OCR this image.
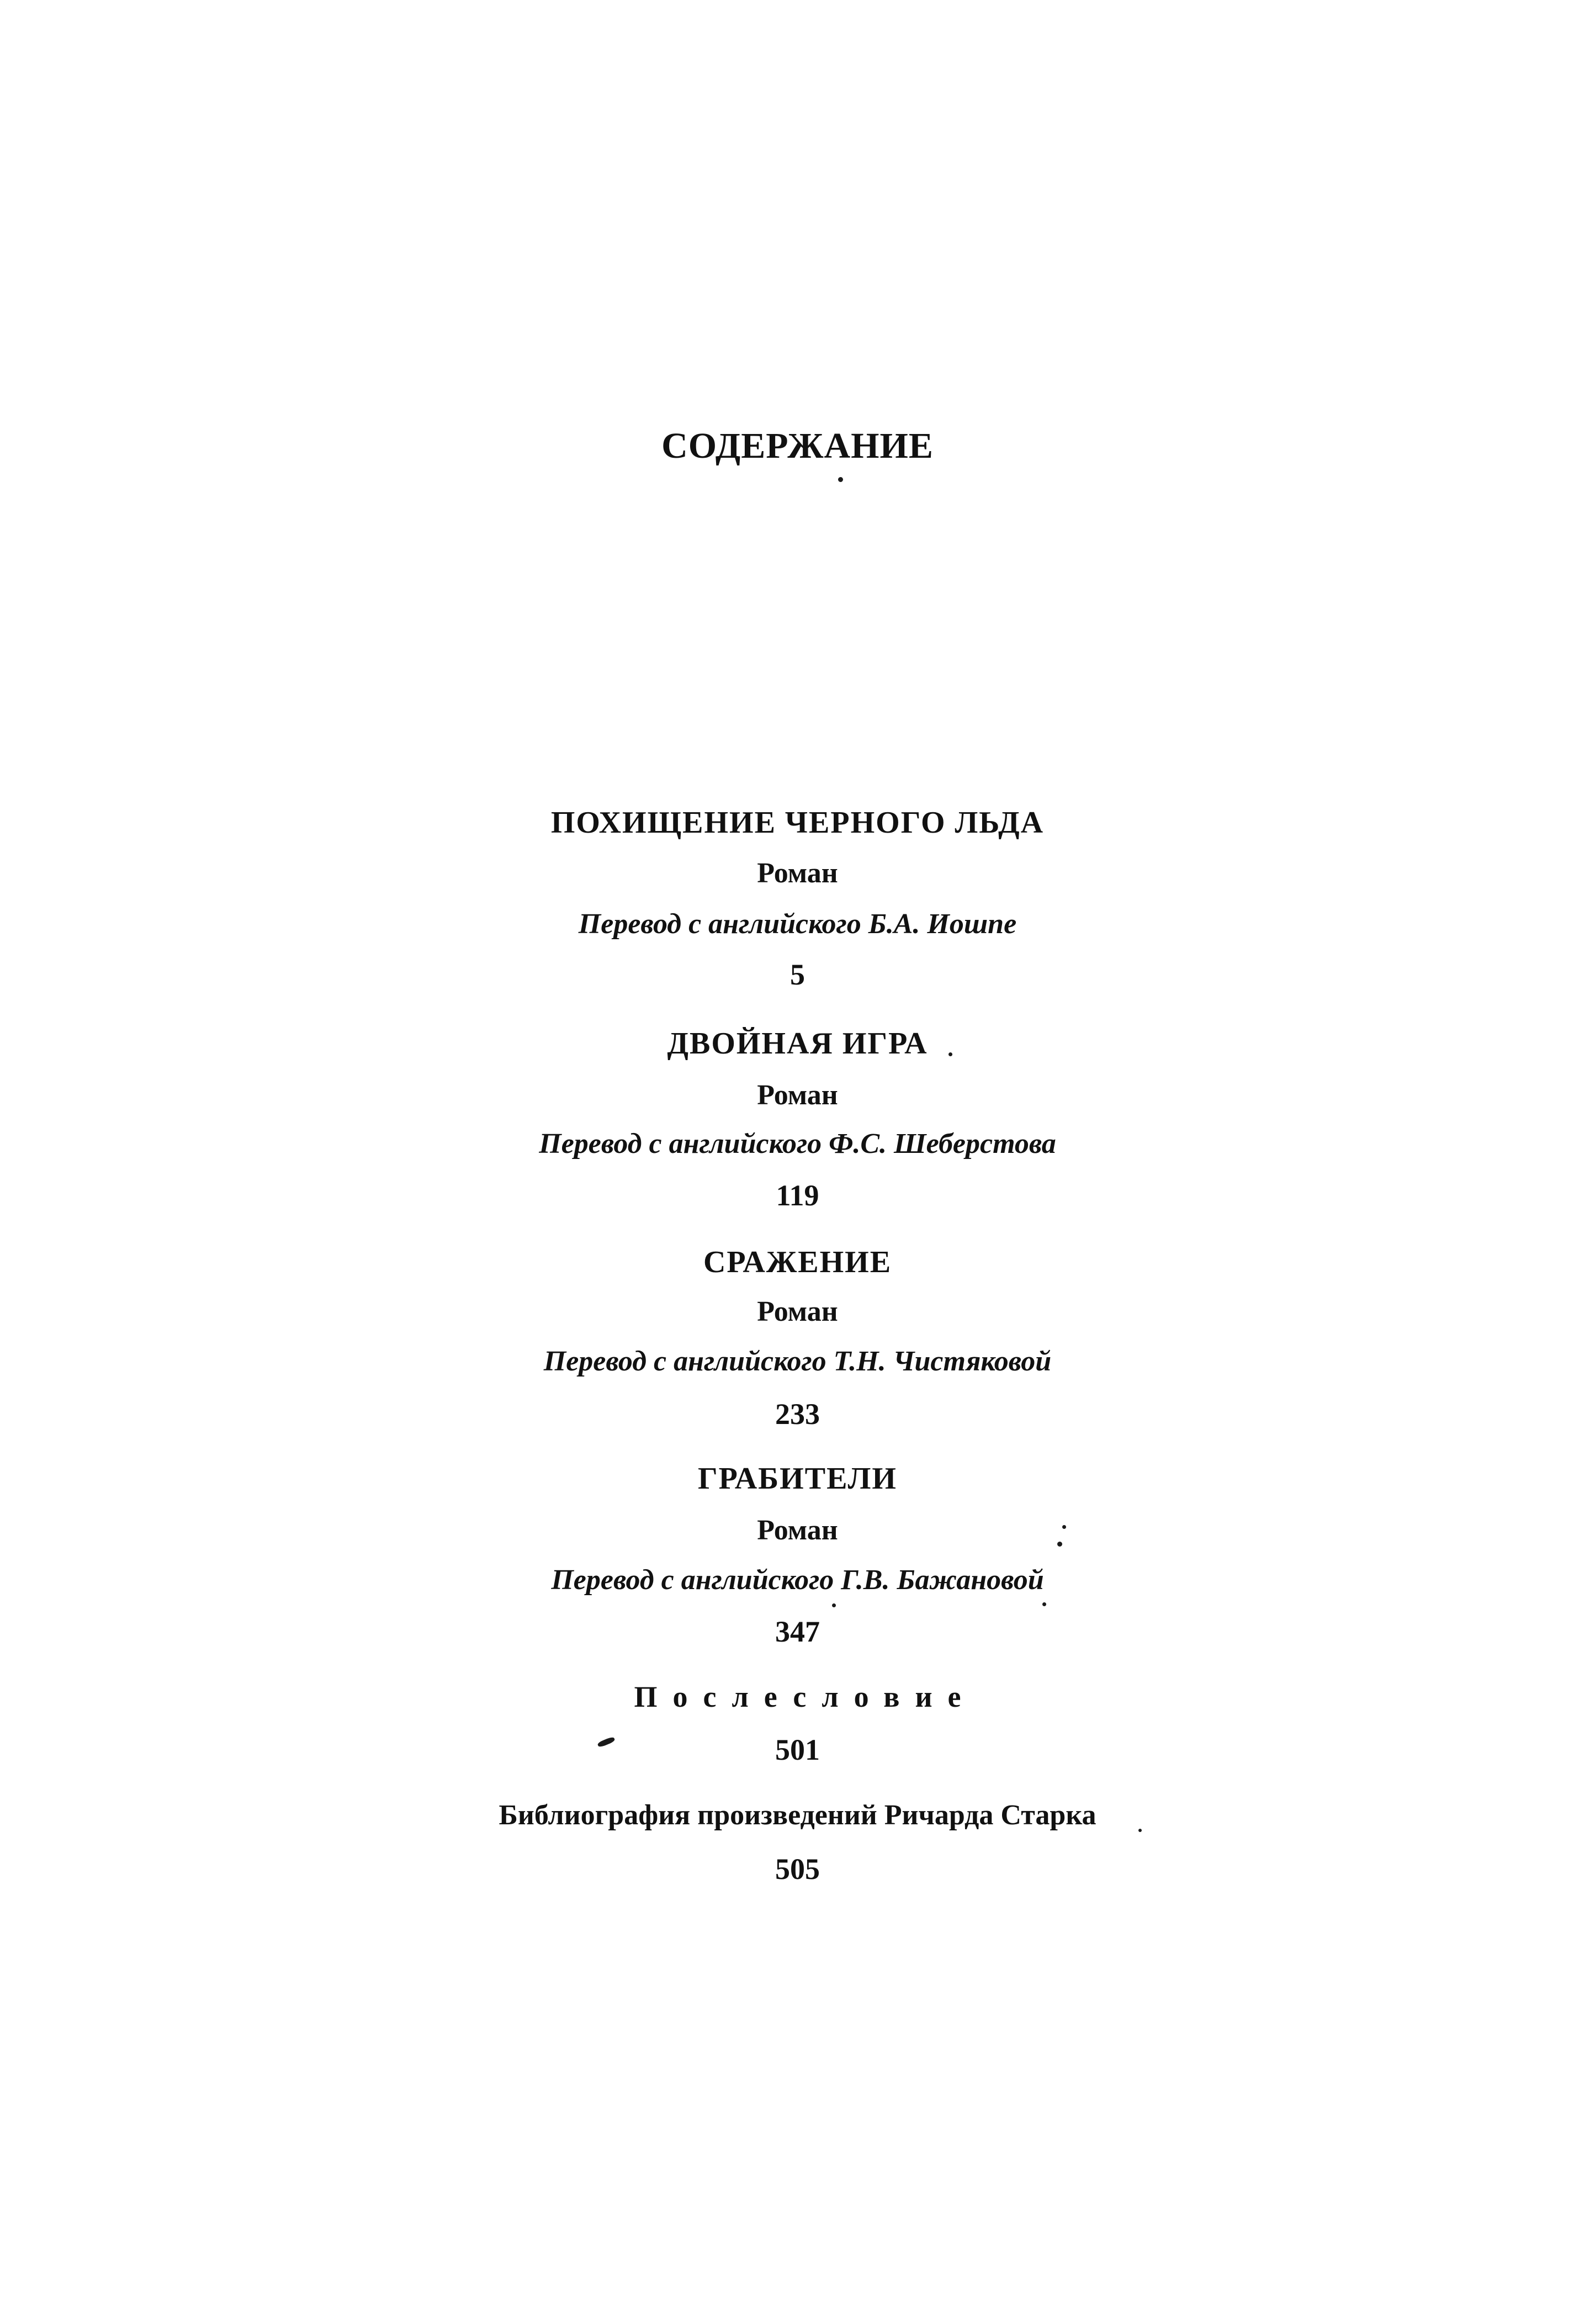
СОДЕРЖАНИЕ
ПОХИЩЕНИЕ ЧЕРНОГО ЛЬДА
Роман
Перевод с английского Б.А. Иошпе
5
ДВОЙНАЯ ИГРА
Роман
Перевод с английского Ф.С. Шеберстова
119
СРАЖЕНИЕ
Роман
Перевод с английского Т.Н. Чистяковой
233
ГРАБИТЕЛИ
Роман
Перевод с английского Г.В. Бажановой
347
Послесловие
501
Библиография произведений Ричарда Старка
505
